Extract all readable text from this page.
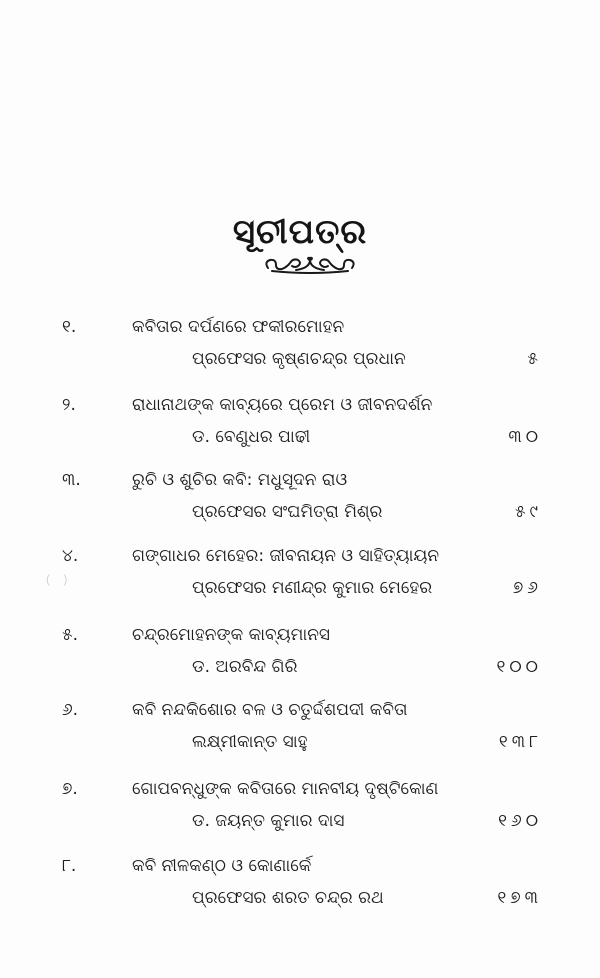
(    )

ସୂଚୀପତ୍ର
୧.	କବିତାର ଦର୍ପଣରେ ଫକୀରମୋହନ
ପ୍ରଫେସର କୃଷ୍ଣଚନ୍ଦ୍ର ପ୍ରଧାନ	୫
୨.	ରାଧାନାଥଙ୍କ କାବ୍ୟରେ ପ୍ରେମ ଓ ଜୀବନଦର୍ଶନ
ଡ. ବେଣୁଧର ପାଢୀ	୩୦
୩.	ରୁଚି ଓ ଶୁଚିର କବି: ମଧୁସୂଦନ ରାଓ
ପ୍ରଫେସର ସଂଘମିତ୍ରା ମିଶ୍ର	୫୯
୪.	ଗଙ୍ଗାଧର ମେହେର: ଜୀବନାୟନ ଓ ସାହିତ୍ୟାୟନ
ପ୍ରଫେସର ମଣୀନ୍ଦ୍ର କୁମାର ମେହେର	୭୬
୫.	ଚନ୍ଦ୍ରମୋହନଙ୍କ କାବ୍ୟମାନସ
ଡ. ଅରବିନ୍ଦ ଗିରି	୧୦୦
୬.	କବି ନନ୍ଦକିଶୋର ବଳ ଓ ଚତୁର୍ଦ୍ଦଶପଦୀ କବିତା
ଲକ୍ଷ୍ମୀକାନ୍ତ ସାହୁ	୧୩୮
୭.	ଗୋପବନ୍ଧୁଙ୍କ କବିତାରେ ମାନବୀୟ ଦୃଷ୍ଟିକୋଣ
ଡ. ଜୟନ୍ତ କୁମାର ଦାସ	୧୬୦
୮.	କବି ନୀଳକଣ୍ଠ ଓ କୋଣାର୍କେ
ପ୍ରଫେସର ଶରତ ଚନ୍ଦ୍ର ରଥ	୧୭୩
